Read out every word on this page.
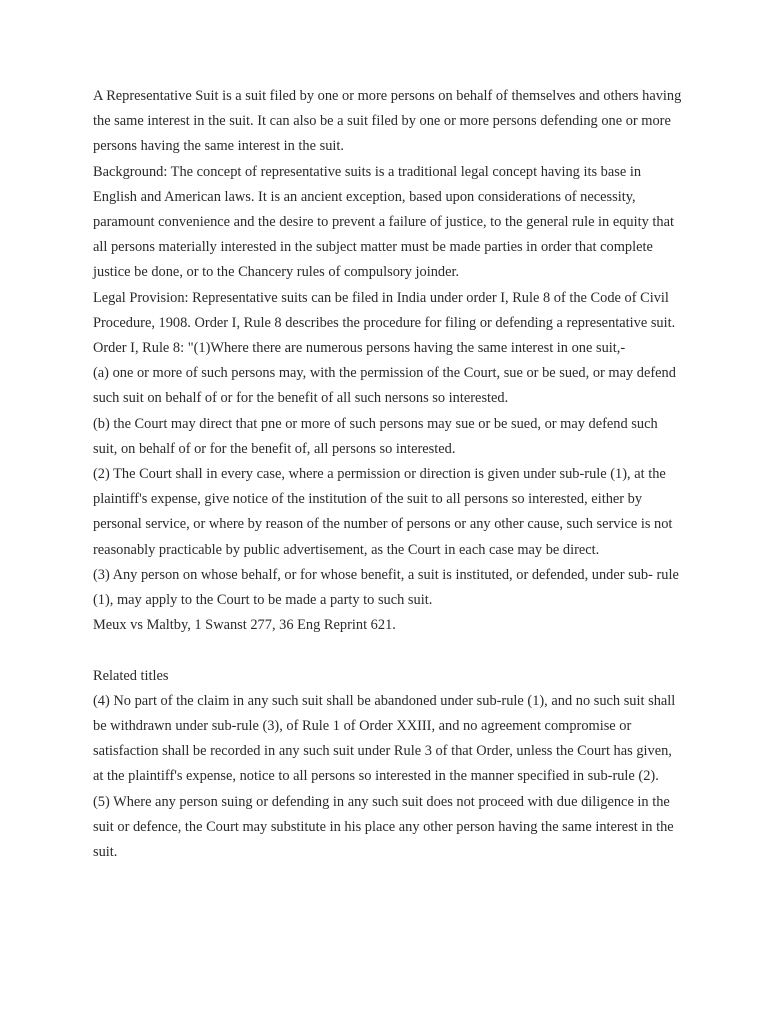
A Representative Suit is a suit filed by one or more persons on behalf of themselves and others having the same interest in the suit. It can also be a suit filed by one or more persons defending one or more persons having the same interest in the suit.

Background: The concept of representative suits is a traditional legal concept having its base in English and American laws. It is an ancient exception, based upon considerations of necessity, paramount convenience and the desire to prevent a failure of justice, to the general rule in equity that all persons materially interested in the subject matter must be made parties in order that complete justice be done, or to the Chancery rules of compulsory joinder.

Legal Provision: Representative suits can be filed in India under order I, Rule 8 of the Code of Civil Procedure, 1908. Order I, Rule 8 describes the procedure for filing or defending a representative suit. Order I, Rule 8: "(1)Where there are numerous persons having the same interest in one suit,-

(a) one or more of such persons may, with the permission of the Court, sue or be sued, or may defend such suit on behalf of or for the benefit of all such nersons so interested.

(b) the Court may direct that pne or more of such persons may sue or be sued, or may defend such suit, on behalf of or for the benefit of, all persons so interested.

(2) The Court shall in every case, where a permission or direction is given under sub-rule (1), at the plaintiff's expense, give notice of the institution of the suit to all persons so interested, either by personal service, or where by reason of the number of persons or any other cause, such service is not reasonably practicable by public advertisement, as the Court in each case may be direct.

(3) Any person on whose behalf, or for whose benefit, a suit is instituted, or defended, under sub- rule (1), may apply to the Court to be made a party to such suit.

Meux vs Maltby, 1 Swanst 277, 36 Eng Reprint 621.

Related titles

(4) No part of the claim in any such suit shall be abandoned under sub-rule (1), and no such suit shall be withdrawn under sub-rule (3), of Rule 1 of Order XXIII, and no agreement compromise or satisfaction shall be recorded in any such suit under Rule 3 of that Order, unless the Court has given, at the plaintiff's expense, notice to all persons so interested in the manner specified in sub-rule (2).

(5) Where any person suing or defending in any such suit does not proceed with due diligence in the suit or defence, the Court may substitute in his place any other person having the same interest in the suit.
